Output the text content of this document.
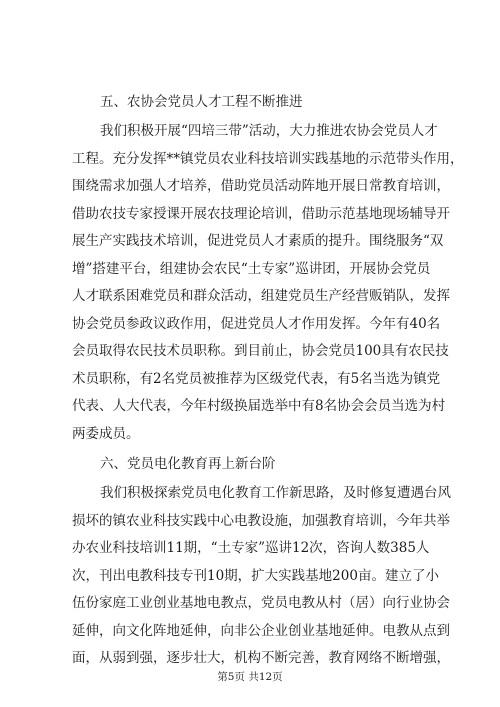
五、农协会党员人才工程不断推进
我们积极开展“四培三带”活动，大力推进农协会党员人才
工程。充分发挥**镇党员农业科技培训实践基地的示范带头作用，
围绕需求加强人才培养，借助党员活动阵地开展日常教育培训，
借助农技专家授课开展农技理论培训，借助示范基地现场辅导开
展生产实践技术培训，促进党员人才素质的提升。围绕服务“双
增”搭建平台，组建协会农民“土专家”巡讲团，开展协会党员
人才联系困难党员和群众活动，组建党员生产经营贩销队，发挥
协会党员参政议政作用，促进党员人才作用发挥。今年有40名
会员取得农民技术员职称。到目前止，协会党员100具有农民技
术员职称，有2名党员被推荐为区级党代表，有5名当选为镇党
代表、人大代表，今年村级换届选举中有8名协会会员当选为村
两委成员。
六、党员电化教育再上新台阶
我们积极探索党员电化教育工作新思路，及时修复遭遇台风
损坏的镇农业科技实践中心电教设施，加强教育培训，今年共举
办农业科技培训11期，“土专家”巡讲12次，咨询人数385人
次，刊出电教科技专刊10期，扩大实践基地200亩。建立了小
伍份家庭工业创业基地电教点，党员电教从村（居）向行业协会
延伸，向文化阵地延伸，向非公企业创业基地延伸。电教从点到
面，从弱到强，逐步壮大，机构不断完善，教育网络不断增强，
第5页 共12页
